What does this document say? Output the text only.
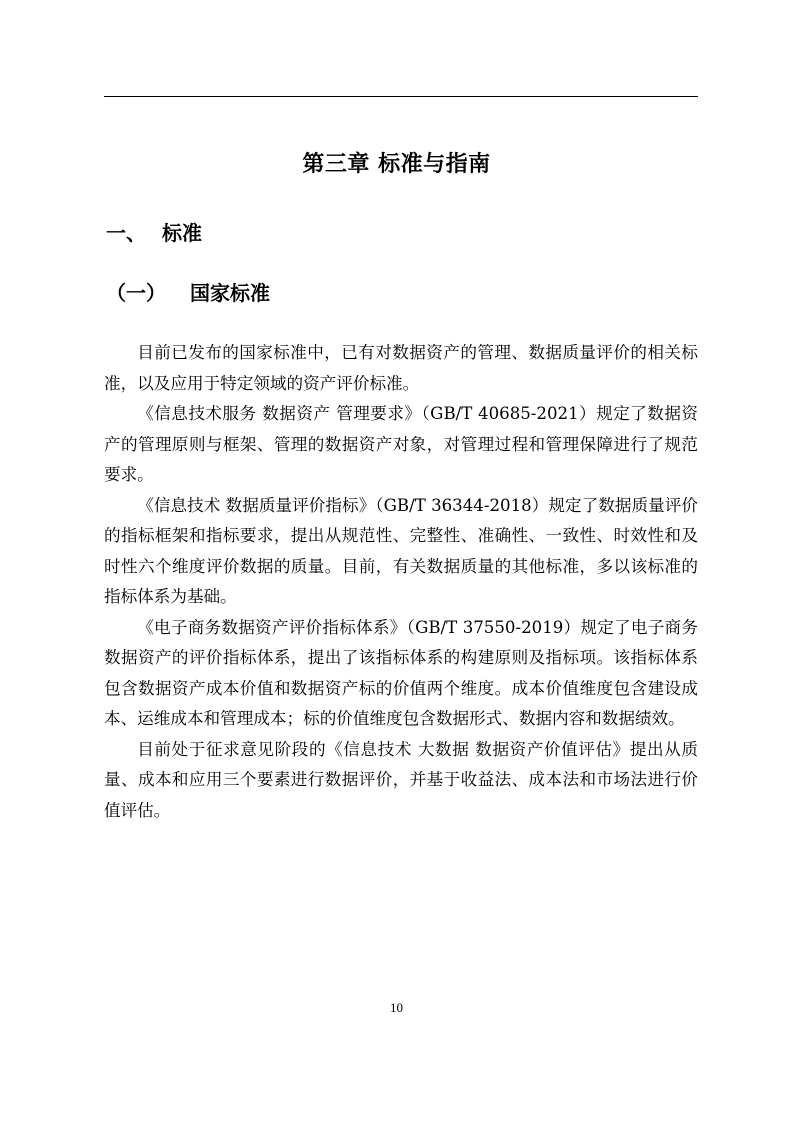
第三章 标准与指南
一、 标准
（一） 国家标准

目前已发布的国家标准中，已有对数据资产的管理、数据质量评价的相关标准，以及应用于特定领域的资产评价标准。

《信息技术服务 数据资产 管理要求》（GB/T 40685-2021）规定了数据资产的管理原则与框架、管理的数据资产对象，对管理过程和管理保障进行了规范要求。

《信息技术 数据质量评价指标》（GB/T 36344-2018）规定了数据质量评价的指标框架和指标要求，提出从规范性、完整性、准确性、一致性、时效性和及时性六个维度评价数据的质量。目前，有关数据质量的其他标准，多以该标准的指标体系为基础。

《电子商务数据资产评价指标体系》（GB/T 37550-2019）规定了电子商务数据资产的评价指标体系，提出了该指标体系的构建原则及指标项。该指标体系包含数据资产成本价值和数据资产标的价值两个维度。成本价值维度包含建设成本、运维成本和管理成本；标的价值维度包含数据形式、数据内容和数据绩效。

目前处于征求意见阶段的《信息技术 大数据 数据资产价值评估》提出从质量、成本和应用三个要素进行数据评价，并基于收益法、成本法和市场法进行价值评估。

10
